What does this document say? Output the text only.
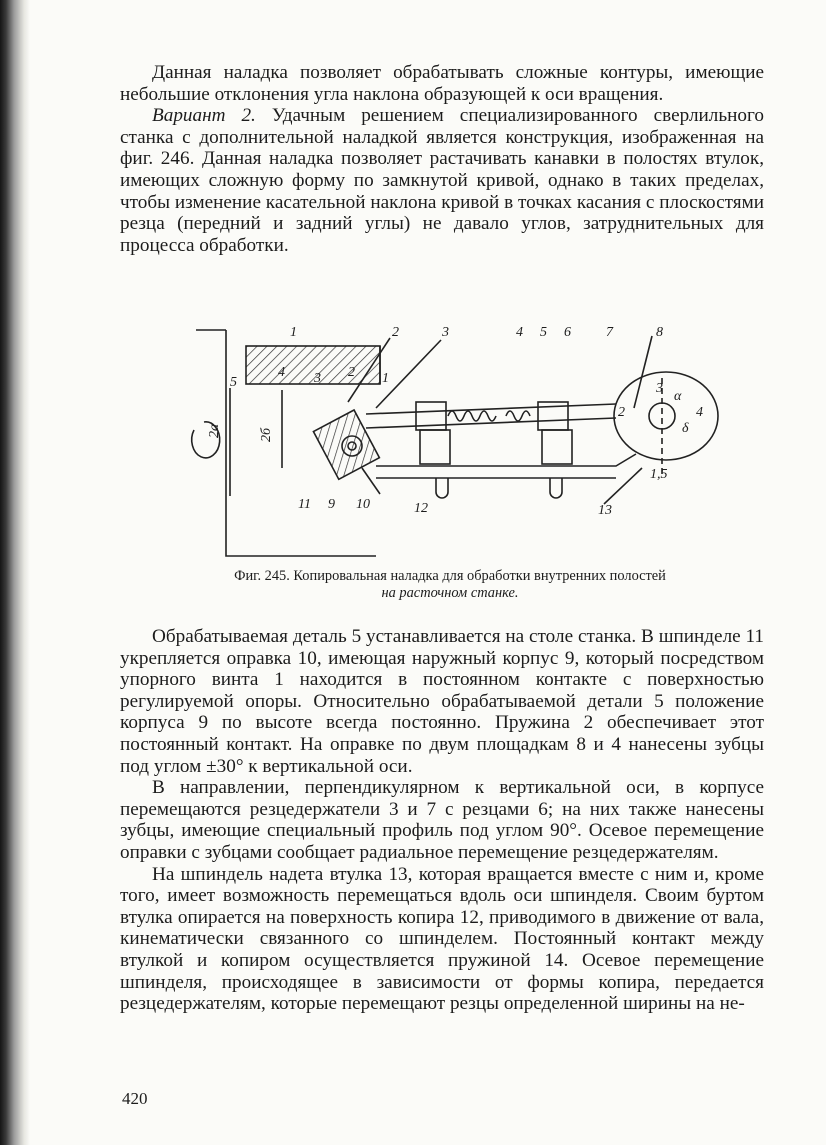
Данная наладка позволяет обрабатывать сложные контуры, имеющие небольшие отклонения угла наклона образующей к оси вращения.

Вариант 2. Удачным решением специализированного сверлильного станка с дополнительной наладкой является конструкция, изображенная на фиг. 246. Данная наладка позволяет растачивать канавки в полостях втулок, имеющих сложную форму по замкнутой кривой, однако в таких пределах, чтобы изменение касательной наклона кривой в точках касания с плоскостями резца (передний и задний углы) не давало углов, затруднительных для процесса обработки.

1	2	3	4 5 6	7	8
5
4 3 2 1
2а	2б
11 9 10	12	13
3
α
4
δ
2
1,5
Фиг. 245. Копировальная наладка для обработки внутренних полостей
на расточном станке.

Обрабатываемая деталь 5 устанавливается на столе станка. В шпинделе 11 укрепляется оправка 10, имеющая наружный корпус 9, который посредством упорного винта 1 находится в постоянном контакте с поверхностью регулируемой опоры. Относительно обрабатываемой детали 5 положение корпуса 9 по высоте всегда постоянно. Пружина 2 обеспечивает этот постоянный контакт. На оправке по двум площадкам 8 и 4 нанесены зубцы под углом ±30° к вертикальной оси.

В направлении, перпендикулярном к вертикальной оси, в корпусе перемещаются резцедержатели 3 и 7 с резцами 6; на них также нанесены зубцы, имеющие специальный профиль под углом 90°. Осевое перемещение оправки с зубцами сообщает радиальное перемещение резцедержателям.

На шпиндель надета втулка 13, которая вращается вместе с ним и, кроме того, имеет возможность перемещаться вдоль оси шпинделя. Своим буртом втулка опирается на поверхность копира 12, приводимого в движение от вала, кинематически связанного со шпинделем. Постоянный контакт между втулкой и копиром осуществляется пружиной 14. Осевое перемещение шпинделя, происходящее в зависимости от формы копира, передается резцедержателям, которые перемещают резцы определенной ширины на не-

420
